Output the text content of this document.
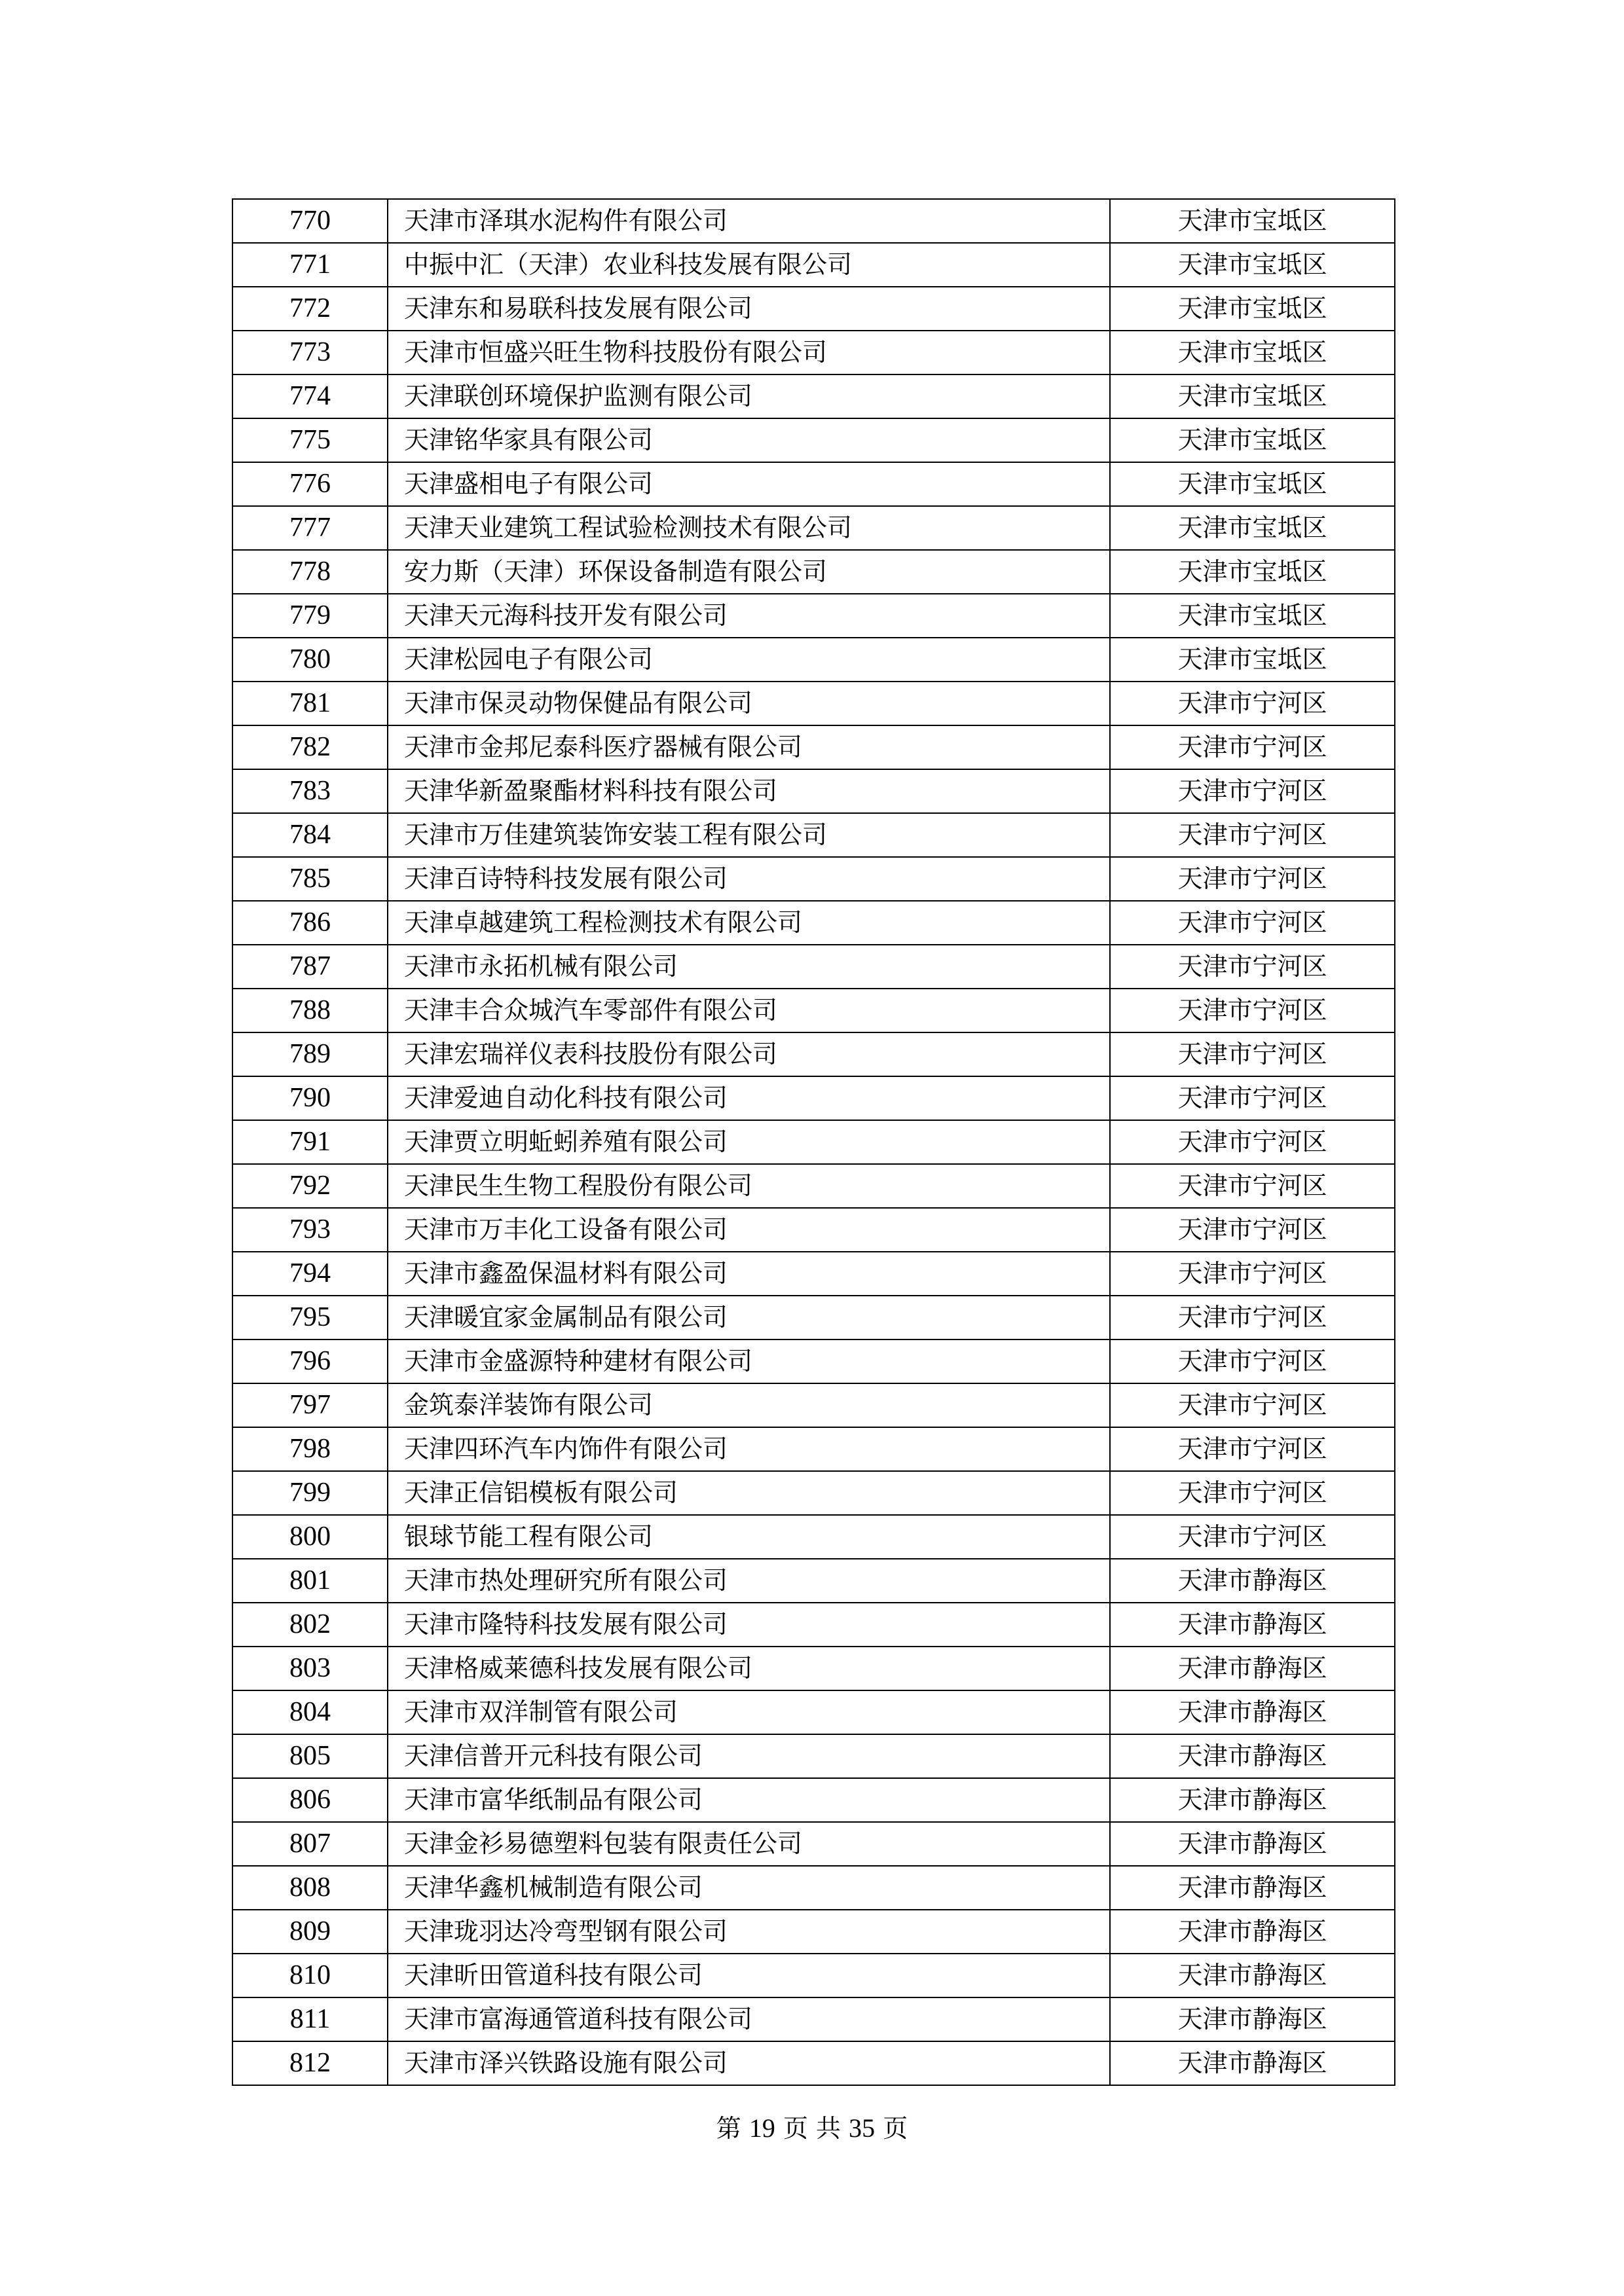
770	天津市泽琪水泥构件有限公司	天津市宝坻区
771	中振中汇（天津）农业科技发展有限公司	天津市宝坻区
772	天津东和易联科技发展有限公司	天津市宝坻区
773	天津市恒盛兴旺生物科技股份有限公司	天津市宝坻区
774	天津联创环境保护监测有限公司	天津市宝坻区
775	天津铭华家具有限公司	天津市宝坻区
776	天津盛相电子有限公司	天津市宝坻区
777	天津天业建筑工程试验检测技术有限公司	天津市宝坻区
778	安力斯（天津）环保设备制造有限公司	天津市宝坻区
779	天津天元海科技开发有限公司	天津市宝坻区
780	天津松园电子有限公司	天津市宝坻区
781	天津市保灵动物保健品有限公司	天津市宁河区
782	天津市金邦尼泰科医疗器械有限公司	天津市宁河区
783	天津华新盈聚酯材料科技有限公司	天津市宁河区
784	天津市万佳建筑装饰安装工程有限公司	天津市宁河区
785	天津百诗特科技发展有限公司	天津市宁河区
786	天津卓越建筑工程检测技术有限公司	天津市宁河区
787	天津市永拓机械有限公司	天津市宁河区
788	天津丰合众城汽车零部件有限公司	天津市宁河区
789	天津宏瑞祥仪表科技股份有限公司	天津市宁河区
790	天津爱迪自动化科技有限公司	天津市宁河区
791	天津贾立明蚯蚓养殖有限公司	天津市宁河区
792	天津民生生物工程股份有限公司	天津市宁河区
793	天津市万丰化工设备有限公司	天津市宁河区
794	天津市鑫盈保温材料有限公司	天津市宁河区
795	天津暖宜家金属制品有限公司	天津市宁河区
796	天津市金盛源特种建材有限公司	天津市宁河区
797	金筑泰洋装饰有限公司	天津市宁河区
798	天津四环汽车内饰件有限公司	天津市宁河区
799	天津正信铝模板有限公司	天津市宁河区
800	银球节能工程有限公司	天津市宁河区
801	天津市热处理研究所有限公司	天津市静海区
802	天津市隆特科技发展有限公司	天津市静海区
803	天津格威莱德科技发展有限公司	天津市静海区
804	天津市双洋制管有限公司	天津市静海区
805	天津信普开元科技有限公司	天津市静海区
806	天津市富华纸制品有限公司	天津市静海区
807	天津金衫易德塑料包装有限责任公司	天津市静海区
808	天津华鑫机械制造有限公司	天津市静海区
809	天津珑羽达冷弯型钢有限公司	天津市静海区
810	天津昕田管道科技有限公司	天津市静海区
811	天津市富海通管道科技有限公司	天津市静海区
812	天津市泽兴铁路设施有限公司	天津市静海区
第 19 页 共 35 页
